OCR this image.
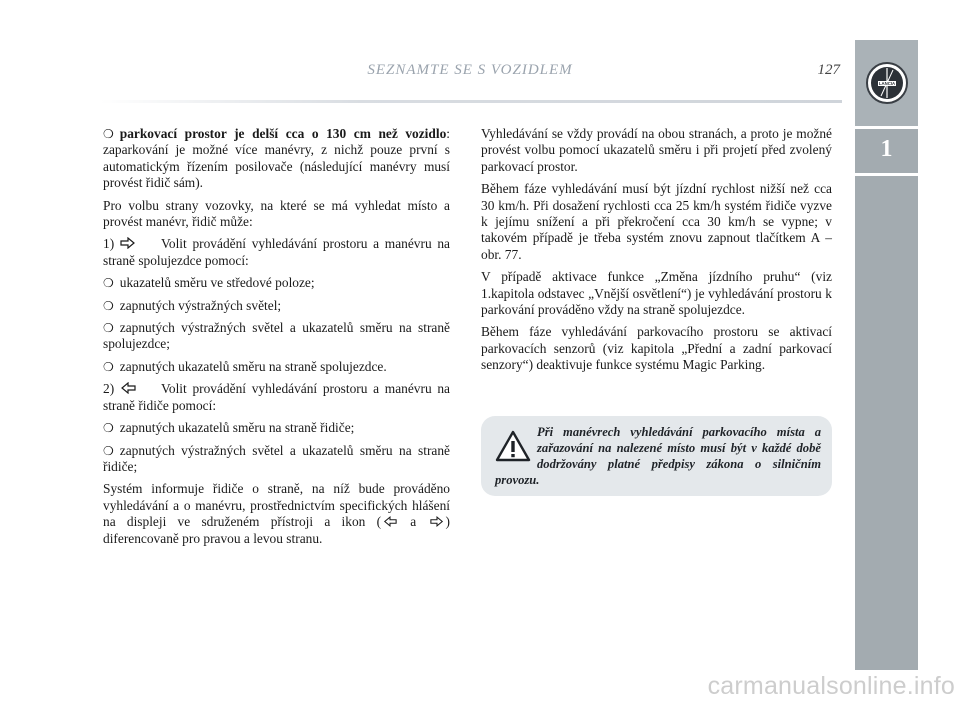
SEZNAMTE SE S VOZIDLEM	127
LANCIA
1

❍ parkovací prostor je delší cca o 130 cm než vozidlo: zaparkování je možné více manévry, z nichž pouze první s automatickým řízením posilovače (následující manévry musí provést řidič sám).

Pro volbu strany vozovky, na které se má vyhledat místo a provést manévr, řidič může:

1)	Volit provádění vyhledávání prostoru a manévru na straně spolujezdce pomocí:

❍ ukazatelů směru ve středové poloze;

❍ zapnutých výstražných světel;

❍ zapnutých výstražných světel a ukazatelů směru na straně spolujezdce;

❍ zapnutých ukazatelů směru na straně spolujezdce.

2)	Volit provádění vyhledávání prostoru a manévru na straně řidiče pomocí:

❍ zapnutých ukazatelů směru na straně řidiče;

❍ zapnutých výstražných světel a ukazatelů směru na straně řidiče;

Systém informuje řidiče o straně, na níž bude prováděno vyhledávání a o manévru, prostřednictvím specifických hlášení na displeji ve sdruženém přístroji a ikon ( a ) diferencovaně pro pravou a levou stranu.

Vyhledávání se vždy provádí na obou stranách, a proto je možné provést volbu pomocí ukazatelů směru i při projetí před zvolený parkovací prostor.

Během fáze vyhledávání musí být jízdní rychlost nižší než cca 30 km/h. Při dosažení rychlosti cca 25 km/h systém řidiče vyzve k jejímu snížení a při překročení cca 30 km/h se vypne; v takovém případě je třeba systém znovu zapnout tlačítkem A – obr. 77.

V případě aktivace funkce „Změna jízdního pruhu“ (viz 1.kapitola odstavec „Vnější osvětlení“) je vyhledávání prostoru k parkování prováděno vždy na straně spolujezdce.

Během fáze vyhledávání parkovacího prostoru se aktivací parkovacích senzorů (viz kapitola „Přední a zadní parkovací senzory“) deaktivuje funkce systému Magic Parking.

Při manévrech vyhledávání parkovacího místa a zařazování na nalezené místo musí být v každé době dodržovány platné předpisy zákona o silničním provozu.
carmanualsonline.info
